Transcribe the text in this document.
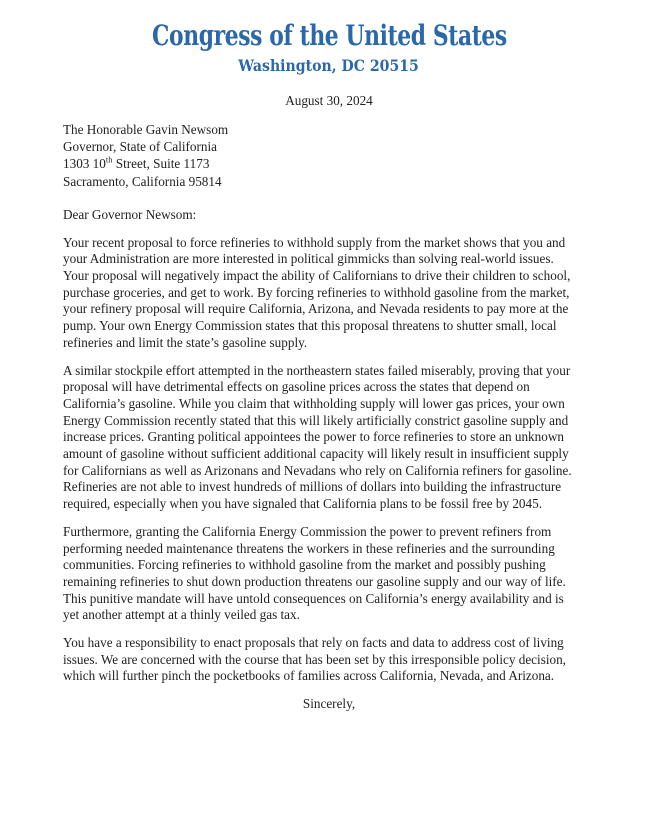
Congress of the United States
Washington, DC 20515
August 30, 2024
The Honorable Gavin Newsom
Governor, State of California
1303 10th Street, Suite 1173
Sacramento, California 95814
Dear Governor Newsom:
Your recent proposal to force refineries to withhold supply from the market shows that you and
your Administration are more interested in political gimmicks than solving real-world issues.
Your proposal will negatively impact the ability of Californians to drive their children to school,
purchase groceries, and get to work. By forcing refineries to withhold gasoline from the market,
your refinery proposal will require California, Arizona, and Nevada residents to pay more at the
pump. Your own Energy Commission states that this proposal threatens to shutter small, local
refineries and limit the state’s gasoline supply.
A similar stockpile effort attempted in the northeastern states failed miserably, proving that your
proposal will have detrimental effects on gasoline prices across the states that depend on
California’s gasoline. While you claim that withholding supply will lower gas prices, your own
Energy Commission recently stated that this will likely artificially constrict gasoline supply and
increase prices. Granting political appointees the power to force refineries to store an unknown
amount of gasoline without sufficient additional capacity will likely result in insufficient supply
for Californians as well as Arizonans and Nevadans who rely on California refiners for gasoline.
Refineries are not able to invest hundreds of millions of dollars into building the infrastructure
required, especially when you have signaled that California plans to be fossil free by 2045.
Furthermore, granting the California Energy Commission the power to prevent refiners from
performing needed maintenance threatens the workers in these refineries and the surrounding
communities. Forcing refineries to withhold gasoline from the market and possibly pushing
remaining refineries to shut down production threatens our gasoline supply and our way of life.
This punitive mandate will have untold consequences on California’s energy availability and is
yet another attempt at a thinly veiled gas tax.
You have a responsibility to enact proposals that rely on facts and data to address cost of living
issues. We are concerned with the course that has been set by this irresponsible policy decision,
which will further pinch the pocketbooks of families across California, Nevada, and Arizona.
Sincerely,
